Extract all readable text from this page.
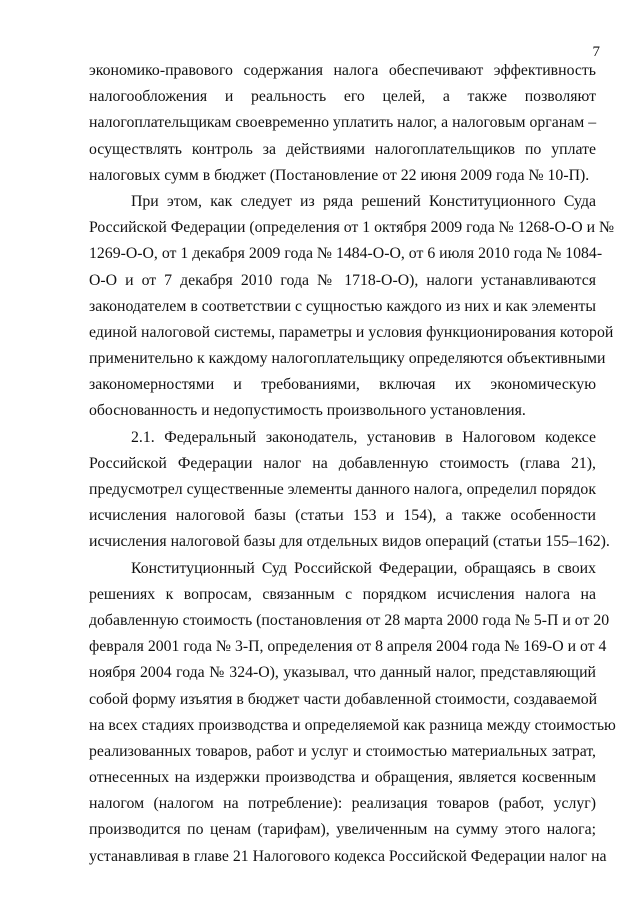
7
экономико-правового содержания налога обеспечивают эффективность
налогообложения и реальность его целей, а также позволяют
налогоплательщикам своевременно уплатить налог, а налоговым органам –
осуществлять контроль за действиями налогоплательщиков по уплате
налоговых сумм в бюджет (Постановление от 22 июня 2009 года № 10-П).
При этом, как следует из ряда решений Конституционного Суда
Российской Федерации (определения от 1 октября 2009 года № 1268-О-О и №
1269-О-О, от 1 декабря 2009 года № 1484-О-О, от 6 июля 2010 года № 1084-
О-О и от 7 декабря 2010 года № 1718-О-О), налоги устанавливаются
законодателем в соответствии с сущностью каждого из них и как элементы
единой налоговой системы, параметры и условия функционирования которой
применительно к каждому налогоплательщику определяются объективными
закономерностями и требованиями, включая их экономическую
обоснованность и недопустимость произвольного установления.
2.1. Федеральный законодатель, установив в Налоговом кодексе
Российской Федерации налог на добавленную стоимость (глава 21),
предусмотрел существенные элементы данного налога, определил порядок
исчисления налоговой базы (статьи 153 и 154), а также особенности
исчисления налоговой базы для отдельных видов операций (статьи 155–162).
Конституционный Суд Российской Федерации, обращаясь в своих
решениях к вопросам, связанным с порядком исчисления налога на
добавленную стоимость (постановления от 28 марта 2000 года № 5-П и от 20
февраля 2001 года № 3-П, определения от 8 апреля 2004 года № 169-О и от 4
ноября 2004 года № 324-О), указывал, что данный налог, представляющий
собой форму изъятия в бюджет части добавленной стоимости, создаваемой
на всех стадиях производства и определяемой как разница между стоимостью
реализованных товаров, работ и услуг и стоимостью материальных затрат,
отнесенных на издержки производства и обращения, является косвенным
налогом (налогом на потребление): реализация товаров (работ, услуг)
производится по ценам (тарифам), увеличенным на сумму этого налога;
устанавливая в главе 21 Налогового кодекса Российской Федерации налог на
